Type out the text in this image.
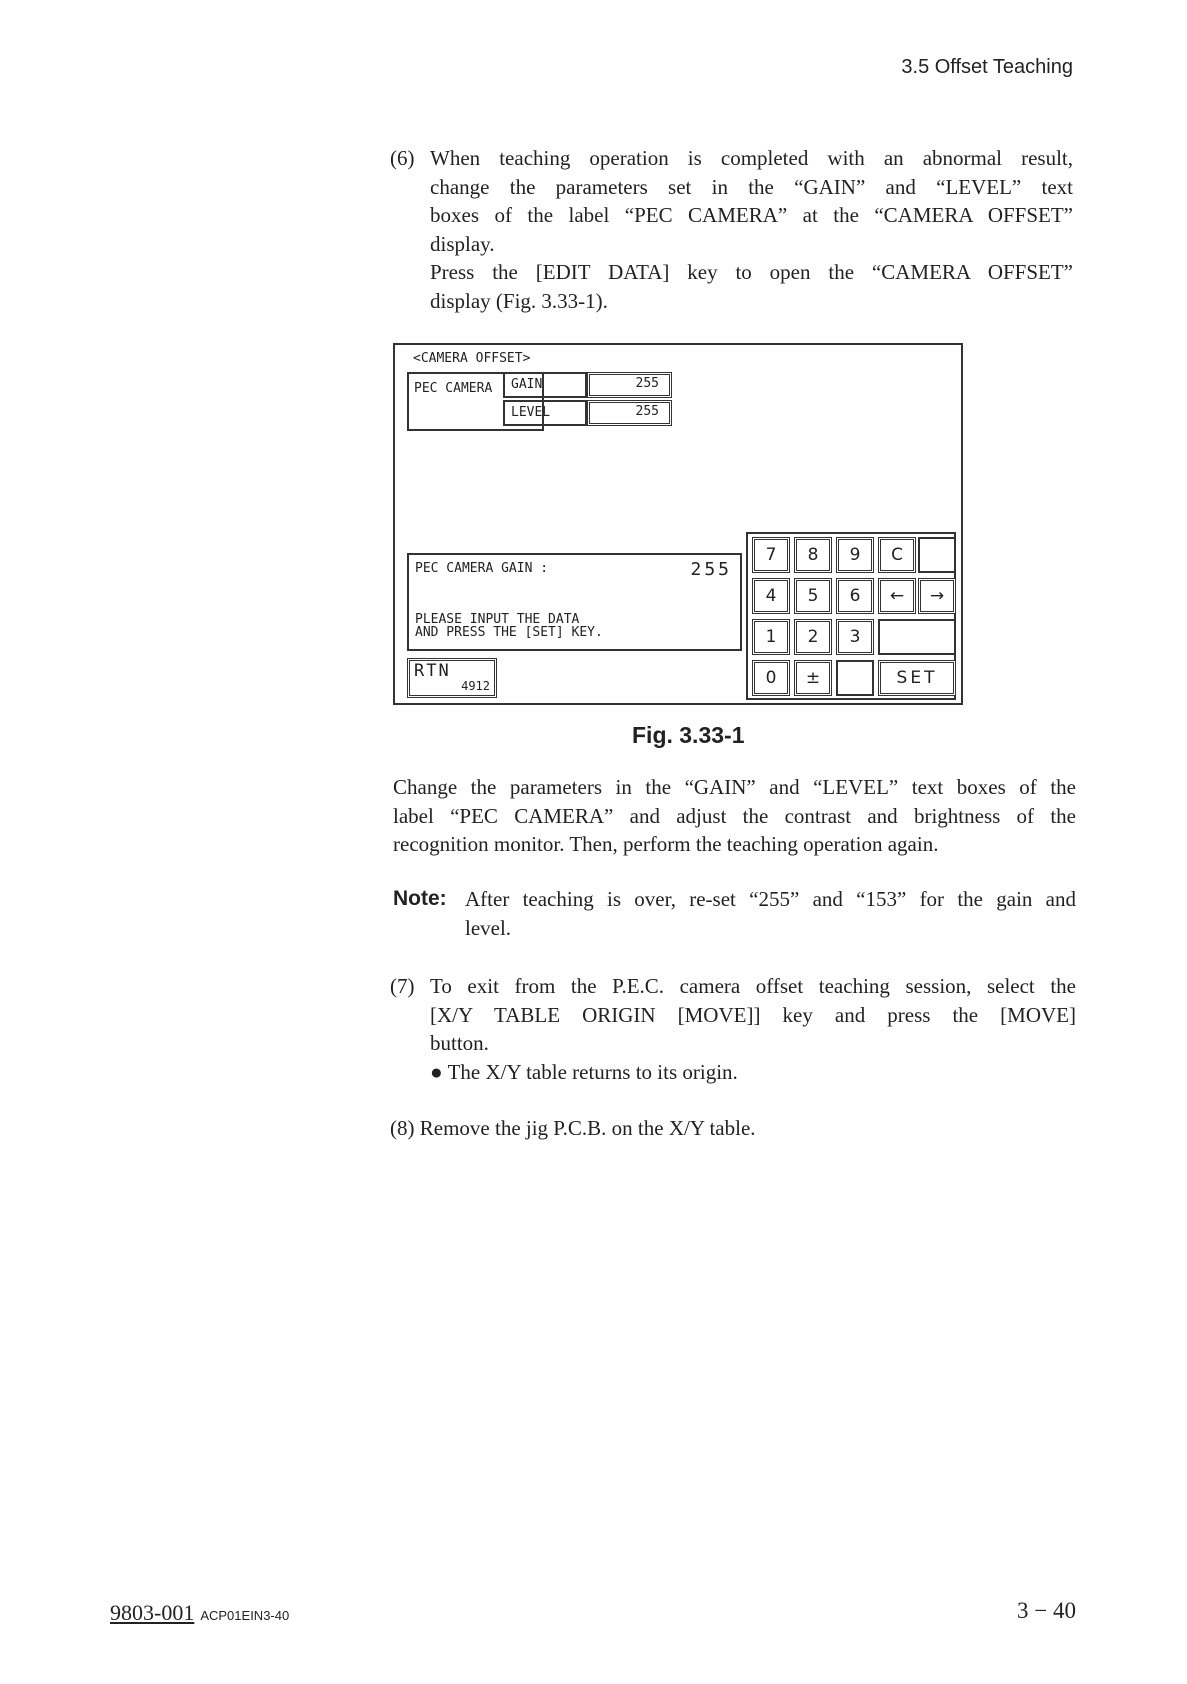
3.5 Offset Teaching
(6) When teaching operation is completed with an abnormal result,
change the parameters set in the “GAIN” and “LEVEL” text
boxes of the label “PEC CAMERA” at the “CAMERA OFFSET”
display.
Press the [EDIT DATA] key to open the “CAMERA OFFSET”
display (Fig. 3.33-1).
<CAMERA OFFSET>
PEC CAMERA	GAIN	255
LEVEL	255
PEC CAMERA GAIN :	255
PLEASE INPUT THE DATA
AND PRESS THE [SET] KEY.
RTN
4912
7	8	9	C
4	5	6	←	→
1	2	3
0	±	SET
Fig. 3.33-1
Change the parameters in the “GAIN” and “LEVEL” text boxes of the
label “PEC CAMERA” and adjust the contrast and brightness of the
recognition monitor. Then, perform the teaching operation again.
Note: After teaching is over, re-set “255” and “153” for the gain and
level.
(7) To exit from the P.E.C. camera offset teaching session, select the
[X/Y TABLE ORIGIN [MOVE]] key and press the [MOVE]
button.
● The X/Y table returns to its origin.
(8) Remove the jig P.C.B. on the X/Y table.
9803-001 ACP01EIN3-40	3 − 40
